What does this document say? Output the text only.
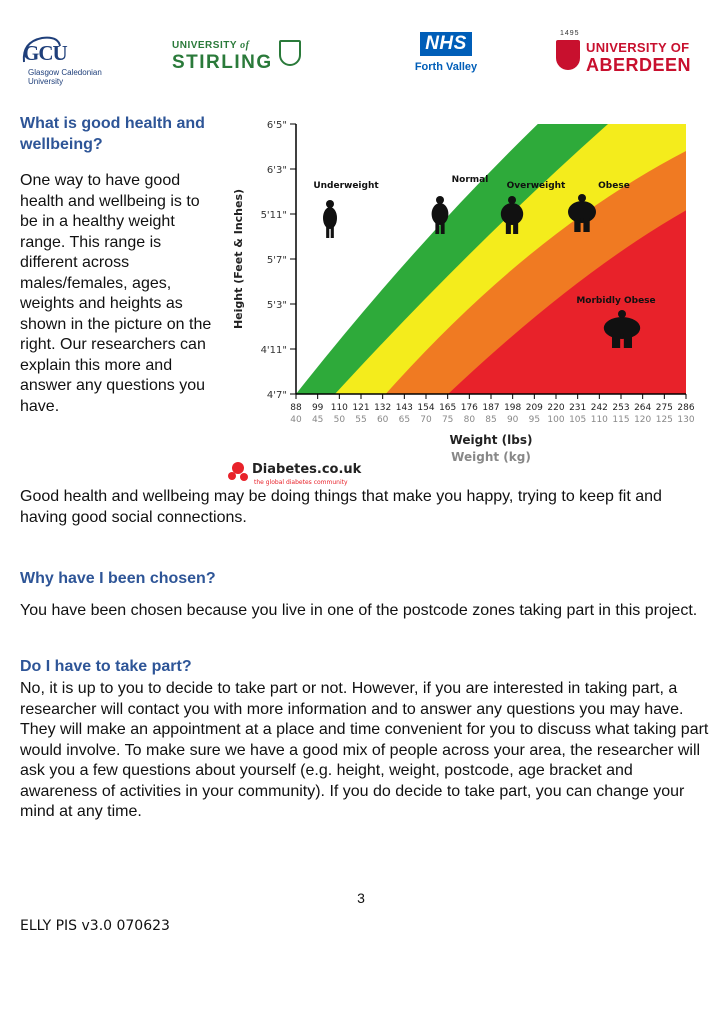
GCU
Glasgow Caledonian University
UNIVERSITY of
STIRLING
NHS
Forth Valley
1495
UNIVERSITY OF
ABERDEEN
What is good health and wellbeing?

One way to have good health and wellbeing is to be in a healthy weight range. This range is different across males/females, ages, weights and heights as shown in the picture on the right. Our researchers can explain this more and answer any questions you have.

6'5"
6'3"
5'11"
5'7"
5'3"
4'11"
4'7"
88
40
99
45
110
50
121
55
132
60
143
65
154
70
165
75
176
80
187
85
198
90
209
95
220
100
231
105
242
110
253
115
264
120
275
125
286
130
Height (Feet & Inches)
Weight (lbs)
Weight (kg)
Underweight
Normal
Overweight	Obese
Morbidly Obese
Diabetes.co.uk
the global diabetes community

Good health and wellbeing may be doing things that make you happy, trying to keep fit and having good social connections.

Why have I been chosen?

You have been chosen because you live in one of the postcode zones taking part in this project.

Do I have to take part?

No, it is up to you to decide to take part or not. However, if you are interested in taking part, a researcher will contact you with more information and to answer any questions you may have. They will make an appointment at a place and time convenient for you to discuss what taking part would involve. To make sure we have a good mix of people across your area, the researcher will ask you a few questions about yourself (e.g. height, weight, postcode, age bracket and awareness of activities in your community). If you do decide to take part, you can change your mind at any time.

3
ELLY PIS v3.0 070623
